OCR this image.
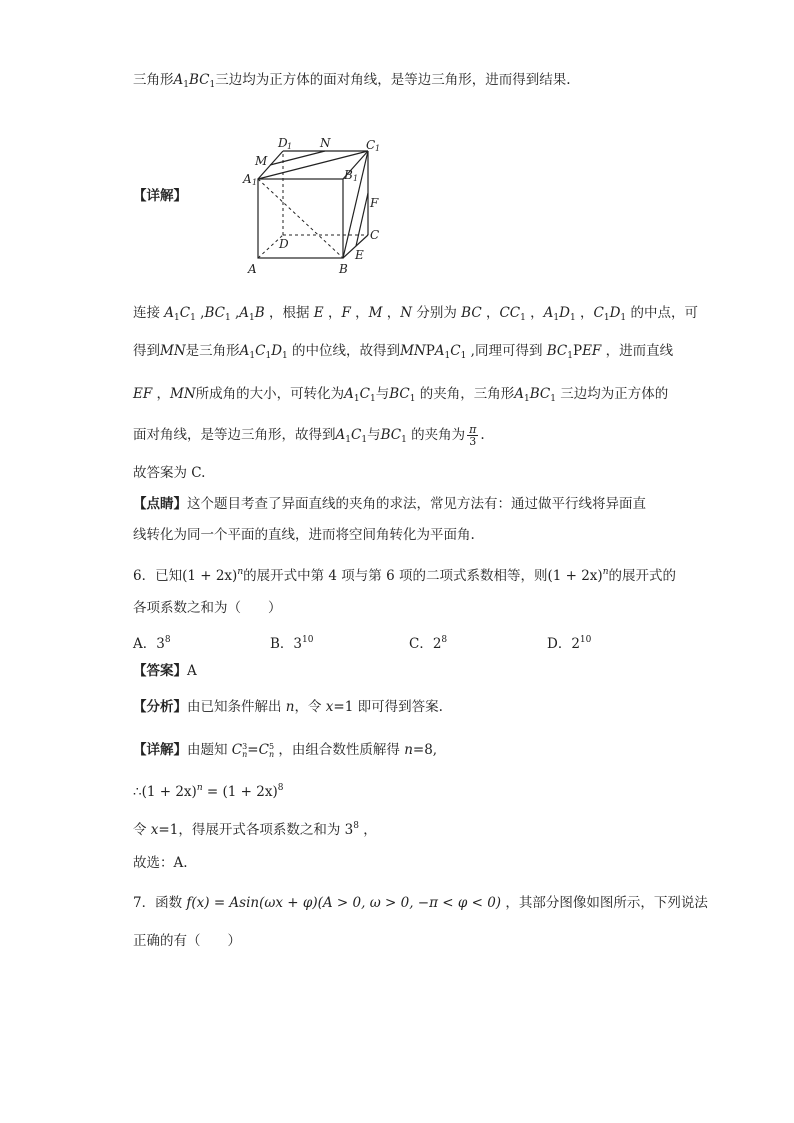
三角形$A_1BC_1$三边均为正方体的面对角线，是等边三角形，进而得到结果.
【详解】
D 1 N	C 1
M
A 1
B 1
F
D
C
A	B
E
连接 $A_1C_1$ $,BC_1$ $,A_1B$ ，根据 E ，F ，M ，N 分别为 BC ，$CC_1$ ，$A_1D_1$ ，$C_1D_1$ 的中点，可
得到MN是三角形$A_1C_1D_1$ 的中位线，故得到$MNPA_1C_1$ ,同理可得到 $BC_1PEF$ ，进而直线
EF ，MN所成角的大小，可转化为$A_1C_1$与$BC_1$ 的夹角，三角形$A_1BC_1$ 三边均为正方体的
面对角线，是等边三角形，故得到$A_1C_1$与$BC_1$ 的夹角为 $\frac{\pi}{3}$ .
故答案为 C.
【点睛】这个题目考查了异面直线的夹角的求法，常见方法有：通过做平行线将异面直
线转化为同一个平面的直线，进而将空间角转化为平面角.
6．已知$(1 + 2x)^n$的展开式中第 4 项与第 6 项的二项式系数相等，则$(1 + 2x)^n$的展开式的
各项系数之和为（　　）
A．$3^8$	B．$3^{10}$	C．$2^8$	D．$2^{10}$
【答案】A
【分析】由已知条件解出 n，令 x=1 即可得到答案.
【详解】由题知 C 3
n =C 5
n ，由组合数性质解得 n=8,
∴(1 + $2x)^n = (1 + 2x)^8$
令 x=1，得展开式各项系数之和为 $3^8$ ，
故选：A.
7．函数 f(x) = Asin(ωx + φ)(A > 0, ω > 0, −π < φ < 0) ，其部分图像如图所示，下列说法
正确的有（　　）
